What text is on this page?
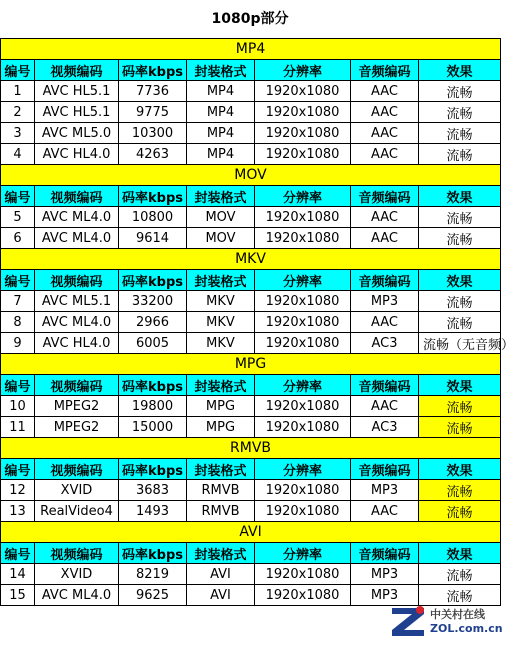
1080p部分
MP4						
编号	视频编码	码率kbps	封装格式	分辨率	音频编码	效果
1	AVC HL5.1	7736	MP4	1920x1080	AAC	流畅
2	AVC HL5.1	9775	MP4	1920x1080	AAC	流畅
3	AVC ML5.0	10300	MP4	1920x1080	AAC	流畅
4	AVC HL4.0	4263	MP4	1920x1080	AAC	流畅
MOV						
编号	视频编码	码率kbps	封装格式	分辨率	音频编码	效果
5	AVC ML4.0	10800	MOV	1920x1080	AAC	流畅
6	AVC ML4.0	9614	MOV	1920x1080	AAC	流畅
MKV						
编号	视频编码	码率kbps	封装格式	分辨率	音频编码	效果
7	AVC ML5.1	33200	MKV	1920x1080	MP3	流畅
8	AVC ML4.0	2966	MKV	1920x1080	AAC	流畅
9	AVC HL4.0	6005	MKV	1920x1080	AC3	流畅（无音频）
MPG						
编号	视频编码	码率kbps	封装格式	分辨率	音频编码	效果
10	MPEG2	19800	MPG	1920x1080	AAC	流畅
11	MPEG2	15000	MPG	1920x1080	AC3	流畅
RMVB						
编号	视频编码	码率kbps	封装格式	分辨率	音频编码	效果
12	XVID	3683	RMVB	1920x1080	MP3	流畅
13	RealVideo4	1493	RMVB	1920x1080	AAC	流畅
AVI						
编号	视频编码	码率kbps	封装格式	分辨率	音频编码	效果
14	XVID	8219	AVI	1920x1080	MP3	流畅
15	AVC ML4.0	9625	AVI	1920x1080	MP3	流畅
中关村在线
ZOL.com.cn
